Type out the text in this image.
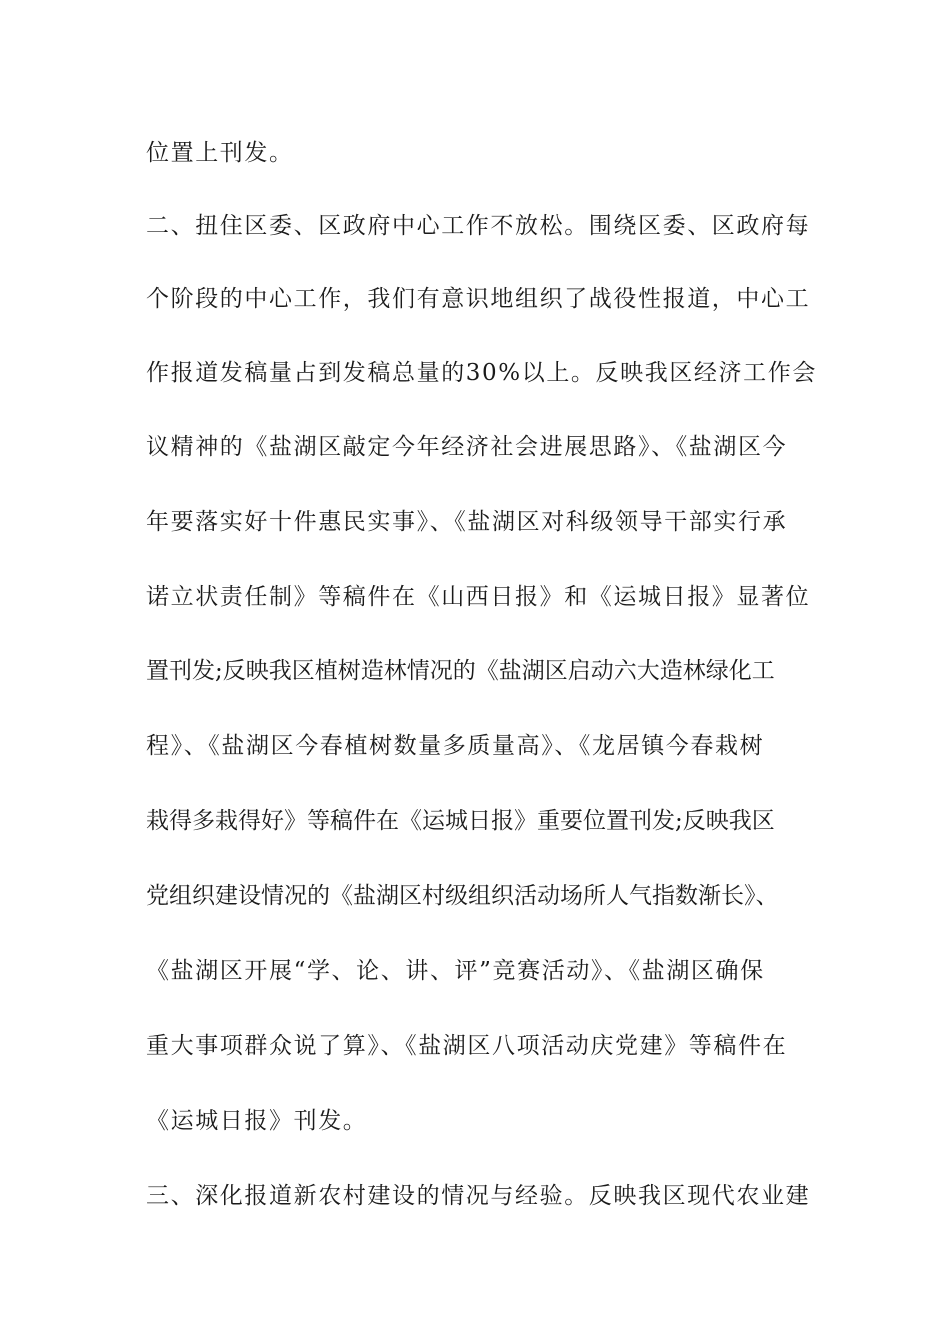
位置上刊发。
二、扭住区委、区政府中心工作不放松。围绕区委、区政府每
个阶段的中心工作，我们有意识地组织了战役性报道，中心工
作报道发稿量占到发稿总量的30%以上。反映我区经济工作会
议精神的《盐湖区敲定今年经济社会进展思路》、《盐湖区今
年要落实好十件惠民实事》、《盐湖区对科级领导干部实行承
诺立状责任制》等稿件在《山西日报》和《运城日报》显著位
置刊发;反映我区植树造林情况的《盐湖区启动六大造林绿化工
程》、《盐湖区今春植树数量多质量高》、《龙居镇今春栽树
栽得多栽得好》等稿件在《运城日报》重要位置刊发;反映我区
党组织建设情况的《盐湖区村级组织活动场所人气指数渐长》、
《盐湖区开展“学、论、讲、评”竞赛活动》、《盐湖区确保
重大事项群众说了算》、《盐湖区八项活动庆党建》等稿件在
《运城日报》刊发。
三、深化报道新农村建设的情况与经验。反映我区现代农业建
